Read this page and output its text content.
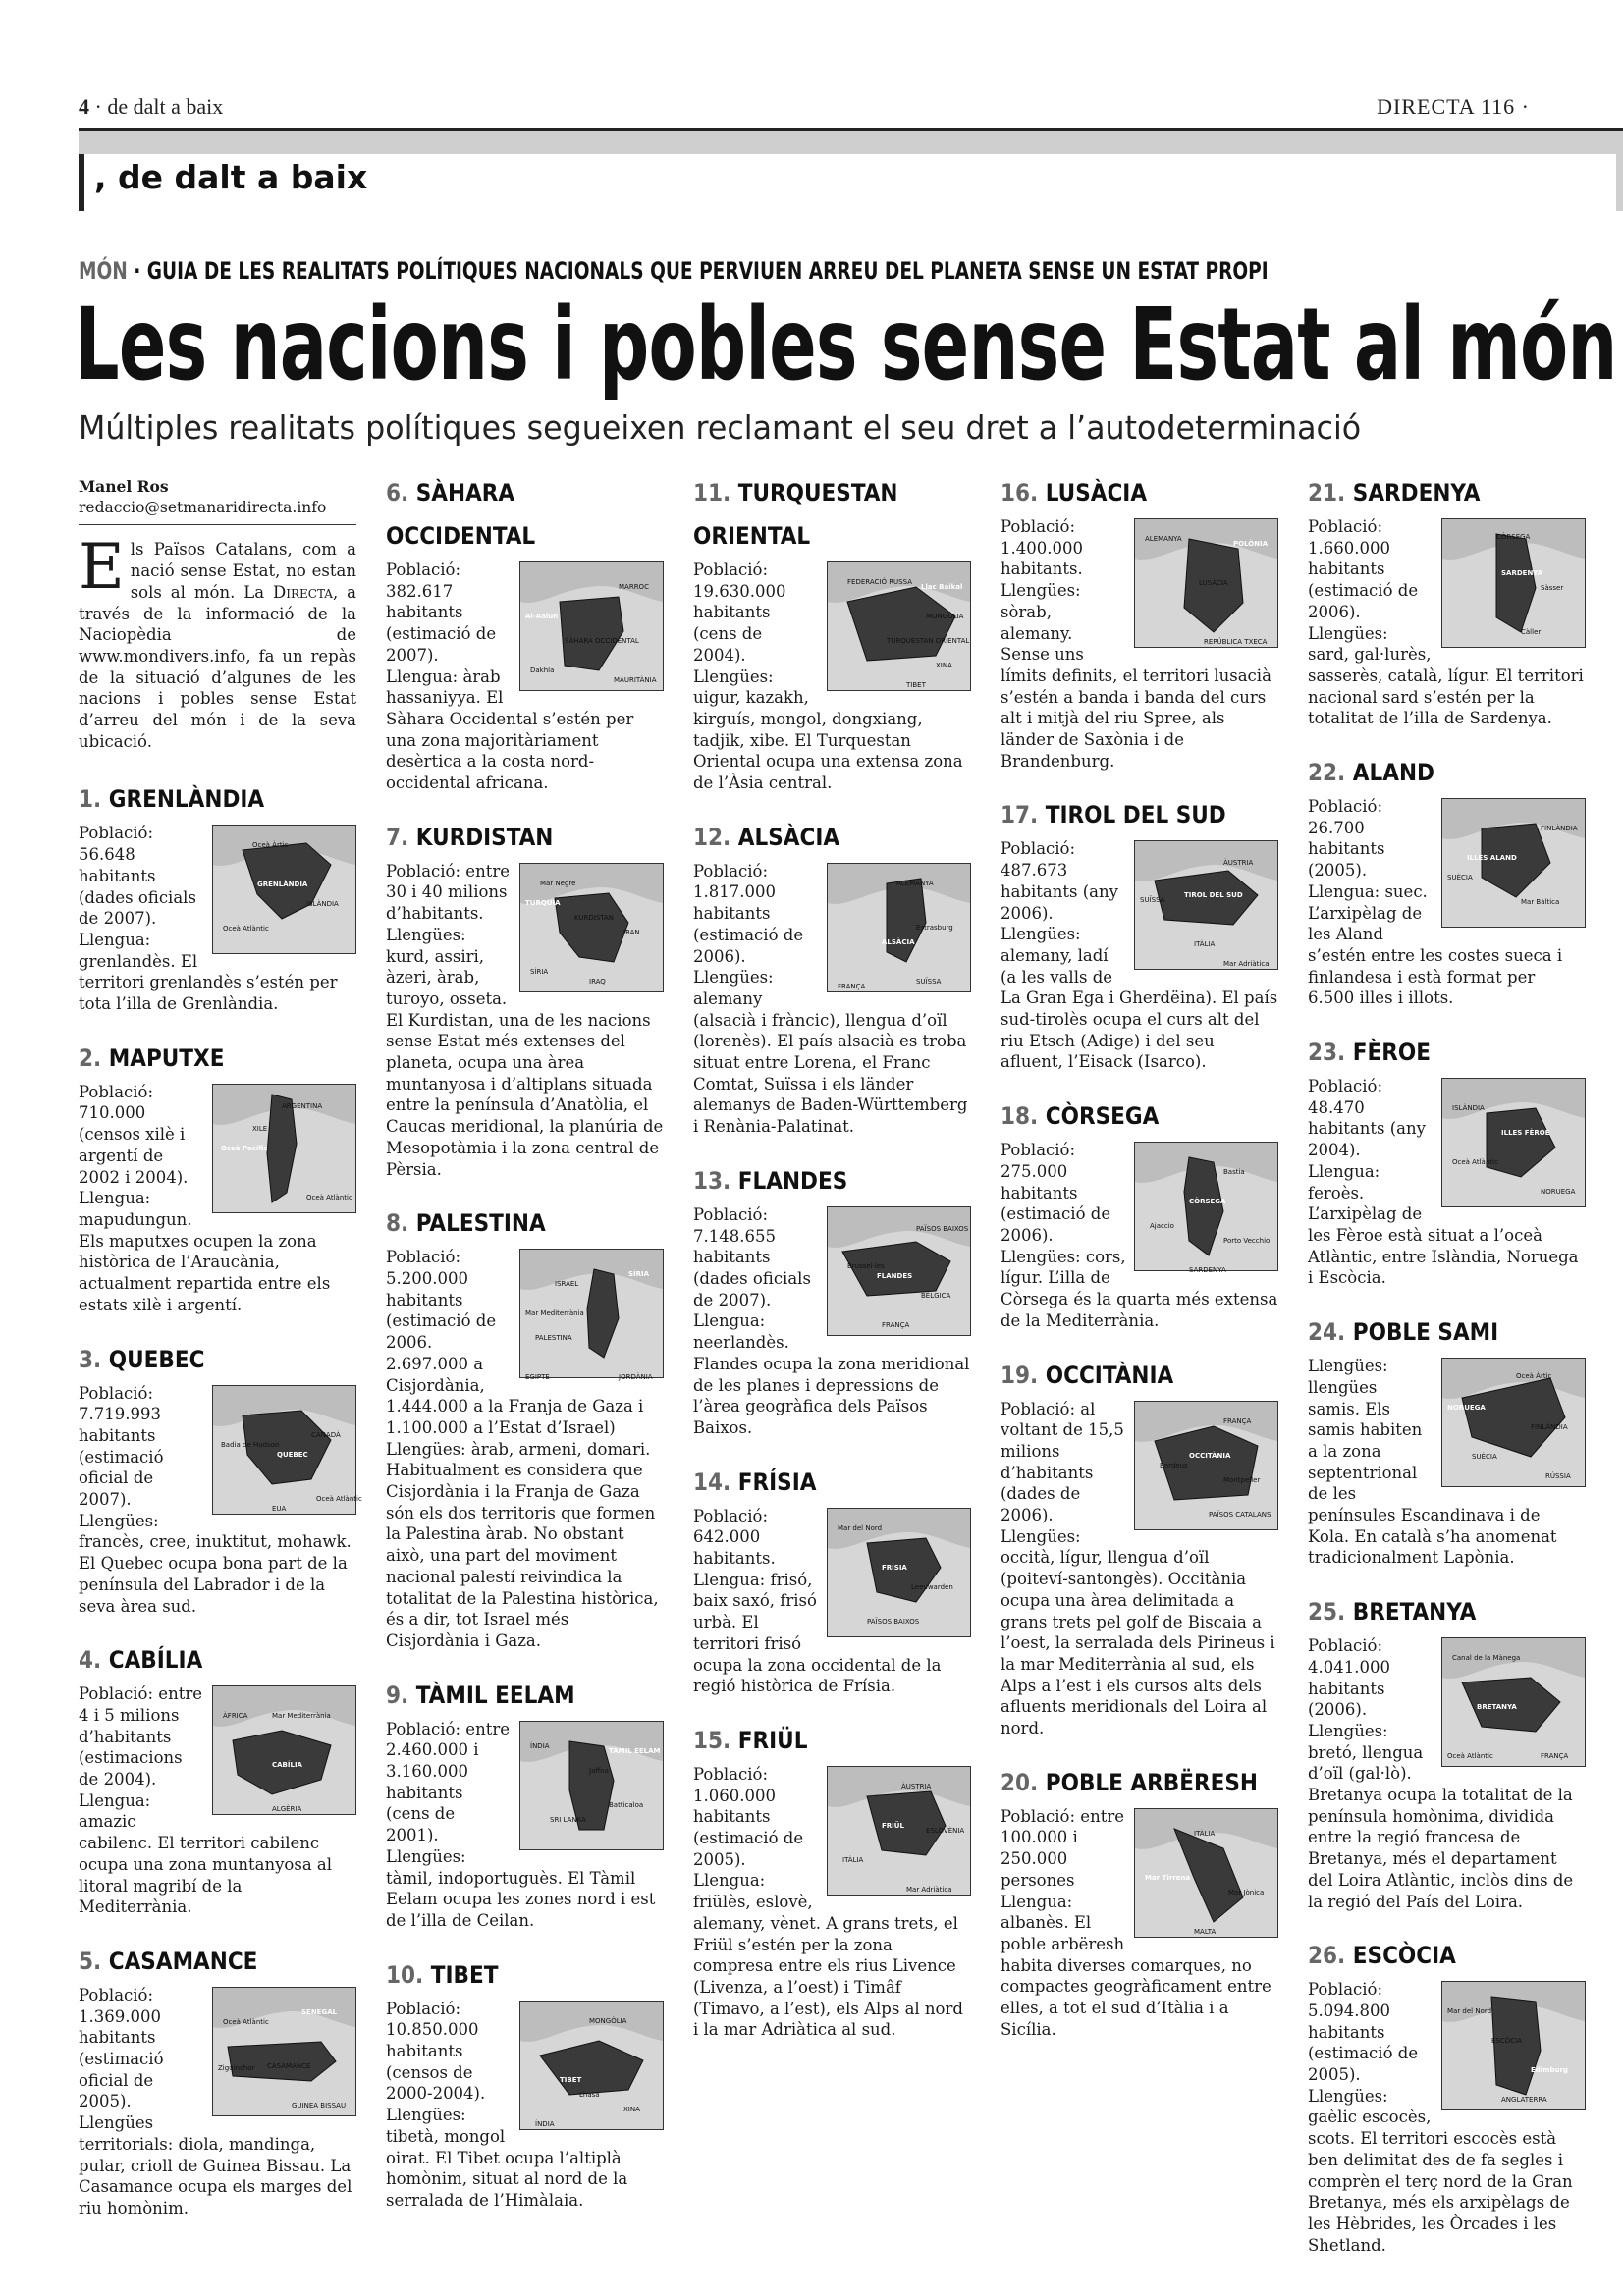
4 · de dalt a baix	DIRECTA 116 ·
, de dalt a baix
MÓN · GUIA DE LES REALITATS POLÍTIQUES NACIONALS QUE PERVIUEN ARREU DEL PLANETA SENSE UN ESTAT PROPI
Les nacions i pobles sense Estat al món
Múltiples realitats polítiques segueixen reclamant el seu dret a l’autodeterminació
Manel Ros
redaccio@setmanaridirecta.info
Els Països Catalans, com a nació sense Estat, no estan sols al món. La Directa, a través de la informació de la Naciopèdia de www.mondivers.info, fa un repàs de la situació d’algunes de les nacions i pobles sense Estat d’arreu del món i de la seva ubicació.
1. GRENLÀNDIA
Oceà Àrtic
GRENLÀNDIA
Oceà Atlàntic
ISLÀNDIA
Població: 56.648 habitants (dades oficials de 2007). Llengua: grenlandès. El territori grenlandès s’estén per tota l’illa de Grenlàndia.
2. MAPUTXE
ARGENTINA
Oceà Pacífic
Oceà Atlàntic
XILE
Població: 710.000 (censos xilè i argentí de 2002 i 2004). Llengua: mapudungun. Els maputxes ocupen la zona històrica de l’Araucània, actualment repartida entre els estats xilè i argentí.
3. QUEBEC
Badia de Hudson
QUEBEC
CANADÀ
Oceà Atlàntic
EUA
Població: 7.719.993 habitants (estimació oficial de 2007). Llengües: francès, cree, inuktitut, mohawk. El Quebec ocupa bona part de la península del Labrador i de la seva àrea sud.
4. CABÍLIA
Mar Mediterrània
CABÍLIA
ALGÈRIA
ÀFRICA
Població: entre 4 i 5 milions d’habitants (estimacions de 2004). Llengua: amazic cabilenc. El territori cabilenc ocupa una zona muntanyosa al litoral magribí de la Mediterrània.
5. CASAMANCE
Oceà Atlàntic
SENEGAL
CASAMANCE
Ziguinchor
GUINEA BISSAU
Població: 1.369.000 habitants (estimació oficial de 2005). Llengües territorials: diola, mandinga, pular, crioll de Guinea Bissau. La Casamance ocupa els marges del riu homònim.
6. SÀHARA OCCIDENTAL
MARROC
Al-Aaiun
SÀHARA OCCIDENTAL
Dakhla
MAURITÀNIA
Població: 382.617 habitants (estimació de 2007). Llengua: àrab hassaniyya. El Sàhara Occidental s’estén per una zona majoritàriament desèrtica a la costa nord-occidental africana.
7. KURDISTAN
Mar Negre
TURQUIA
KURDISTAN
IRAN
IRAQ
SÍRIA
Població: entre 30 i 40 milions d’habitants. Llengües: kurd, assiri, àzeri, àrab, turoyo, osseta. El Kurdistan, una de les nacions sense Estat més extenses del planeta, ocupa una àrea muntanyosa i d’altiplans situada entre la península d’Anatòlia, el Caucas meridional, la planúria de Mesopotàmia i la zona central de Pèrsia.
8. PALESTINA
ISRAEL
SÍRIA
Mar Mediterrània
PALESTINA
EGIPTE	JORDÀNIA
Població: 5.200.000 habitants (estimació de 2006. 2.697.000 a Cisjordània, 1.444.000 a la Franja de Gaza i 1.100.000 a l’Estat d’Israel) Llengües: àrab, armeni, domari. Habitualment es considera que Cisjordània i la Franja de Gaza són els dos territoris que formen la Palestina àrab. No obstant això, una part del moviment nacional palestí reivindica la totalitat de la Palestina històrica, és a dir, tot Israel més Cisjordània i Gaza.
9. TÀMIL EELAM
ÍNDIA
TÀMIL EELAM
SRI LANKA
Jaffna
Batticaloa
Població: entre 2.460.000 i 3.160.000 habitants (cens de 2001). Llengües: tàmil, indoportuguès. El Tàmil Eelam ocupa les zones nord i est de l’illa de Ceilan.
10. TIBET
MONGÒLIA
TIBET
XINA
ÍNDIA
Lhasa
Població: 10.850.000 habitants (censos de 2000-2004). Llengües: tibetà, mongol oirat. El Tibet ocupa l’altiplà homònim, situat al nord de la serralada de l’Himàlaia.
11. TURQUESTAN ORIENTAL
FEDERACIÓ RUSSA
Llac Baikal
MONGÒLIA
TURQUESTAN ORIENTAL
XINA
TIBET
Població: 19.630.000 habitants (cens de 2004). Llengües: uigur, kazakh, kirguís, mongol, dongxiang, tadjik, xibe. El Turquestan Oriental ocupa una extensa zona de l’Àsia central.
12. ALSÀCIA
ALEMANYA
ALSÀCIA
Estrasburg
FRANÇA
SUÏSSA
Població: 1.817.000 habitants (estimació de 2006). Llengües: alemany (alsacià i fràncic), llengua d’oïl (lorenès). El país alsacià es troba situat entre Lorena, el Franc Comtat, Suïssa i els länder alemanys de Baden-Württemberg i Renània-Palatinat.
13. FLANDES
PAÏSOS BAIXOS
FLANDES
Brussel·les
BÈLGICA
FRANÇA
Població: 7.148.655 habitants (dades oficials de 2007). Llengua: neerlandès. Flandes ocupa la zona meridional de les planes i depressions de l’àrea geogràfica dels Països Baixos.
14. FRÍSIA
Mar del Nord
FRÍSIA
Leeuwarden
PAÏSOS BAIXOS
Població: 642.000 habitants. Llengua: frisó, baix saxó, frisó urbà. El territori frisó ocupa la zona occidental de la regió històrica de Frísia.
15. FRIÜL
ÀUSTRIA
FRIÜL
ESLOVÈNIA
ITÀLIA
Mar Adriàtica
Població: 1.060.000 habitants (estimació de 2005). Llengua: friülès, eslovè, alemany, vènet. A grans trets, el Friül s’estén per la zona compresa entre els rius Livence (Livenza, a l’oest) i Timâf (Timavo, a l’est), els Alps al nord i la mar Adriàtica al sud.
16. LUSÀCIA
ALEMANYA
POLÒNIA
LUSÀCIA
REPÚBLICA TXECA
Població: 1.400.000 habitants. Llengües: sòrab, alemany. Sense uns límits definits, el territori lusacià s’estén a banda i banda del curs alt i mitjà del riu Spree, als länder de Saxònia i de Brandenburg.
17. TIROL DEL SUD
ÀUSTRIA
TIROL DEL SUD
SUÏSSA
ITÀLIA
Mar Adriàtica
Població: 487.673 habitants (any 2006). Llengües: alemany, ladí (a les valls de La Gran Ega i Gherdëina). El país sud-tirolès ocupa el curs alt del riu Etsch (Adige) i del seu afluent, l’Eisack (Isarco).
18. CÒRSEGA
Bastia
CÒRSEGA
Ajaccio
Porto Vecchio
SARDENYA
Població: 275.000 habitants (estimació de 2006). Llengües: cors, lígur. L’illa de Còrsega és la quarta més extensa de la Mediterrània.
19. OCCITÀNIA
FRANÇA
OCCITÀNIA
Bordeus
Montpeller
PAÏSOS CATALANS
Població: al voltant de 15,5 milions d’habitants (dades de 2006). Llengües: occità, lígur, llengua d’oïl (poiteví-santongès). Occitània ocupa una àrea delimitada a grans trets pel golf de Biscaia a l’oest, la serralada dels Pirineus i la mar Mediterrània al sud, els Alps a l’est i els cursos alts dels afluents meridionals del Loira al nord.
20. POBLE ARBËRESH
ITÀLIA
Mar Tirrena
Mar Jònica
MALTA
Població: entre 100.000 i 250.000 persones Llengua: albanès. El poble arbëresh habita diverses comarques, no compactes geogràficament entre elles, a tot el sud d’Itàlia i a Sicília.
21. SARDENYA
CÒRSEGA
SARDENYA
Sàsser
Càller
Població: 1.660.000 habitants (estimació de 2006). Llengües: sard, gal·lurès, sasserès, català, lígur. El territori nacional sard s’estén per la totalitat de l’illa de Sardenya.
22. ALAND
FINLÀNDIA
ILLES ALAND
SUÈCIA
Mar Bàltica
Població: 26.700 habitants (2005). Llengua: suec. L’arxipèlag de les Aland s’estén entre les costes sueca i finlandesa i està format per 6.500 illes i illots.
23. FÈROE
ISLÀNDIA
ILLES FÈROE
Oceà Atlàntic
NORUEGA
Població: 48.470 habitants (any 2004). Llengua: feroès. L’arxipèlag de les Fèroe està situat a l’oceà Atlàntic, entre Islàndia, Noruega i Escòcia.
24. POBLE SAMI
Oceà Àrtic
NORUEGA
SUÈCIA
FINLÀNDIA
RÚSSIA
Llengües: llengües samis. Els samis habiten a la zona septentrional de les penínsules Escandinava i de Kola. En català s’ha anomenat tradicionalment Lapònia.
25. BRETANYA
Canal de la Mànega
BRETANYA
Oceà Atlàntic	FRANÇA
Població: 4.041.000 habitants (2006). Llengües: bretó, llengua d’oïl (gal·lò). Bretanya ocupa la totalitat de la península homònima, dividida entre la regió francesa de Bretanya, més el departament del Loira Atlàntic, inclòs dins de la regió del País del Loira.
26. ESCÒCIA
ESCÒCIA
Edimburg
ANGLATERRA
Mar del Nord
Població: 5.094.800 habitants (estimació de 2005). Llengües: gaèlic escocès, scots. El territori escocès està ben delimitat des de fa segles i comprèn el terç nord de la Gran Bretanya, més els arxipèlags de les Hèbrides, les Òrcades i les Shetland.
